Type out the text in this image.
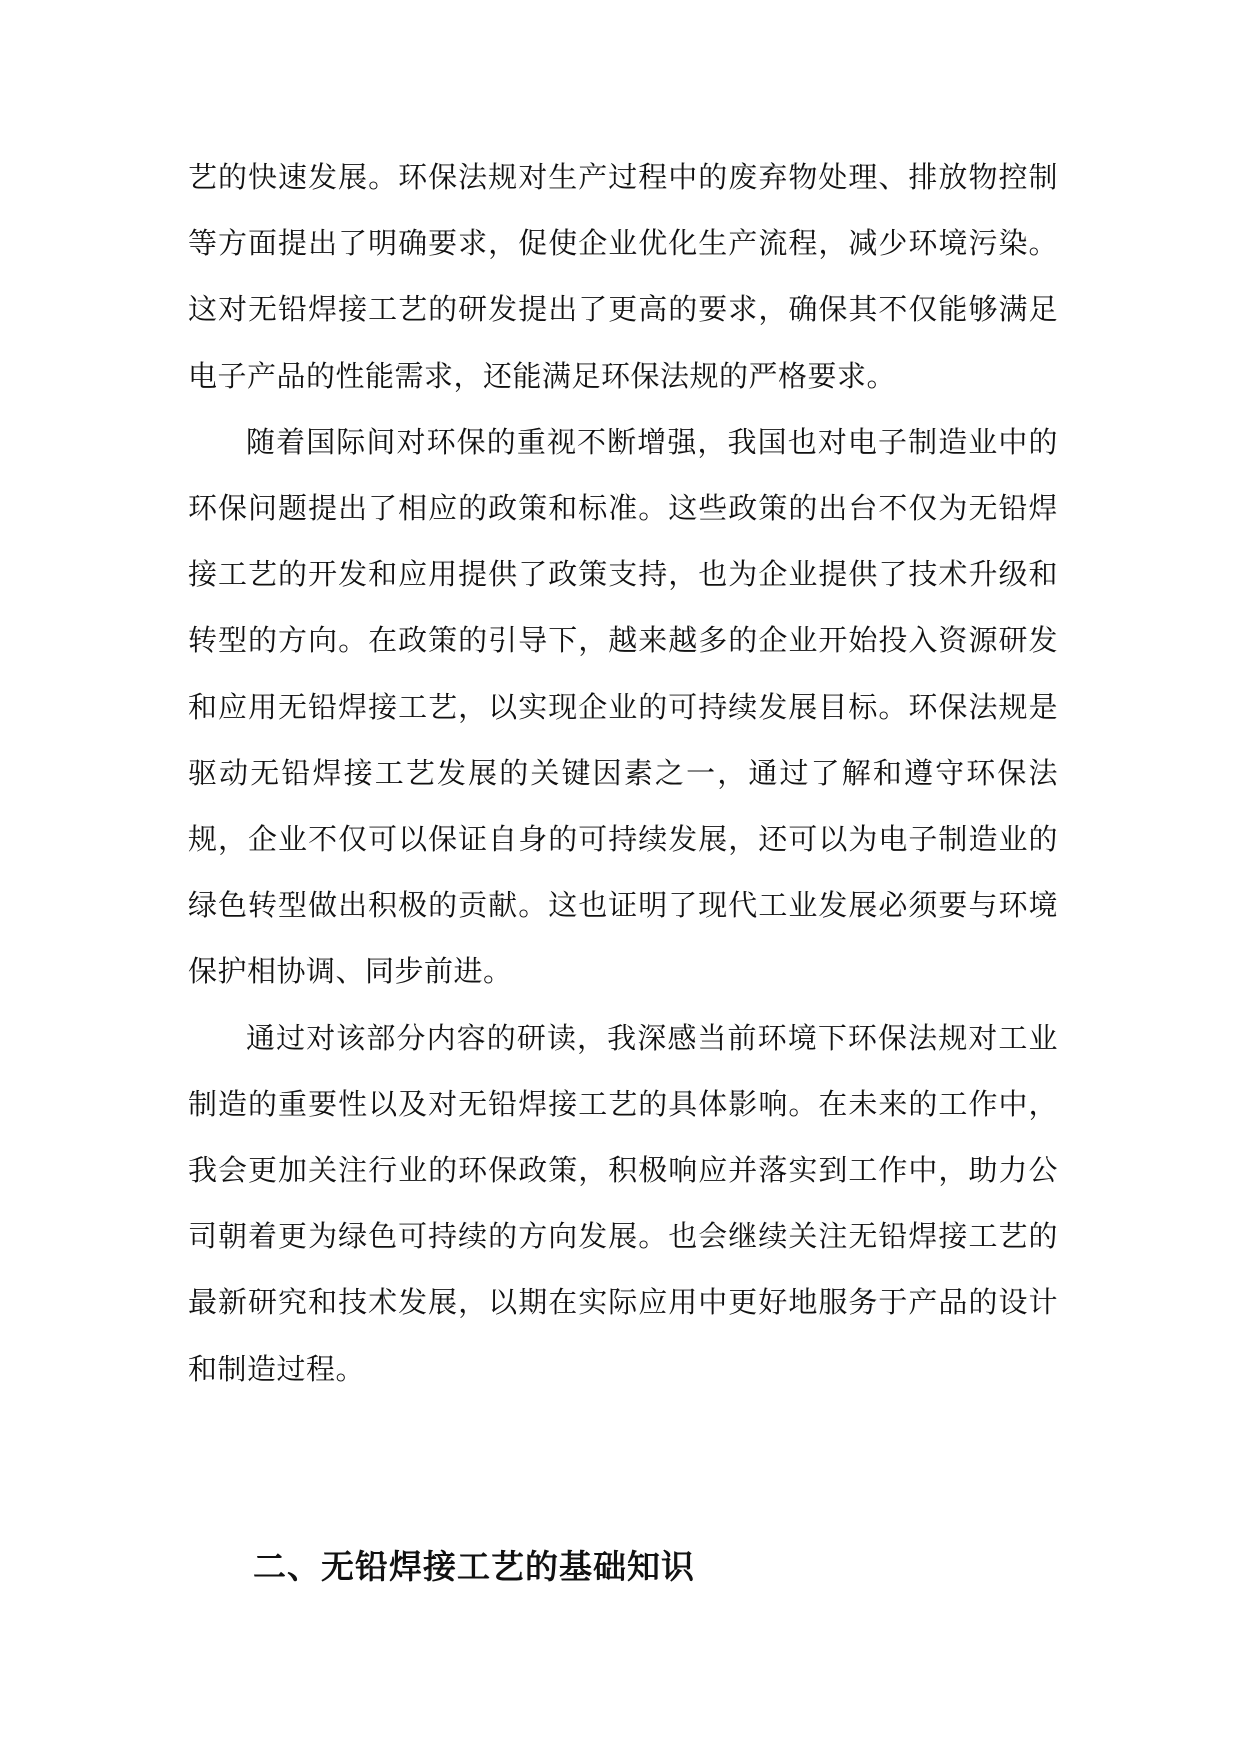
艺的快速发展。环保法规对生产过程中的废弃物处理、排放物控制等方面提出了明确要求，促使企业优化生产流程，减少环境污染。这对无铅焊接工艺的研发提出了更高的要求，确保其不仅能够满足电子产品的性能需求，还能满足环保法规的严格要求。

随着国际间对环保的重视不断增强，我国也对电子制造业中的环保问题提出了相应的政策和标准。这些政策的出台不仅为无铅焊接工艺的开发和应用提供了政策支持，也为企业提供了技术升级和转型的方向。在政策的引导下，越来越多的企业开始投入资源研发和应用无铅焊接工艺，以实现企业的可持续发展目标。环保法规是驱动无铅焊接工艺发展的关键因素之一，通过了解和遵守环保法规，企业不仅可以保证自身的可持续发展，还可以为电子制造业的绿色转型做出积极的贡献。这也证明了现代工业发展必须要与环境保护相协调、同步前进。

通过对该部分内容的研读，我深感当前环境下环保法规对工业制造的重要性以及对无铅焊接工艺的具体影响。在未来的工作中，我会更加关注行业的环保政策，积极响应并落实到工作中，助力公司朝着更为绿色可持续的方向发展。也会继续关注无铅焊接工艺的最新研究和技术发展，以期在实际应用中更好地服务于产品的设计和制造过程。

二、无铅焊接工艺的基础知识
